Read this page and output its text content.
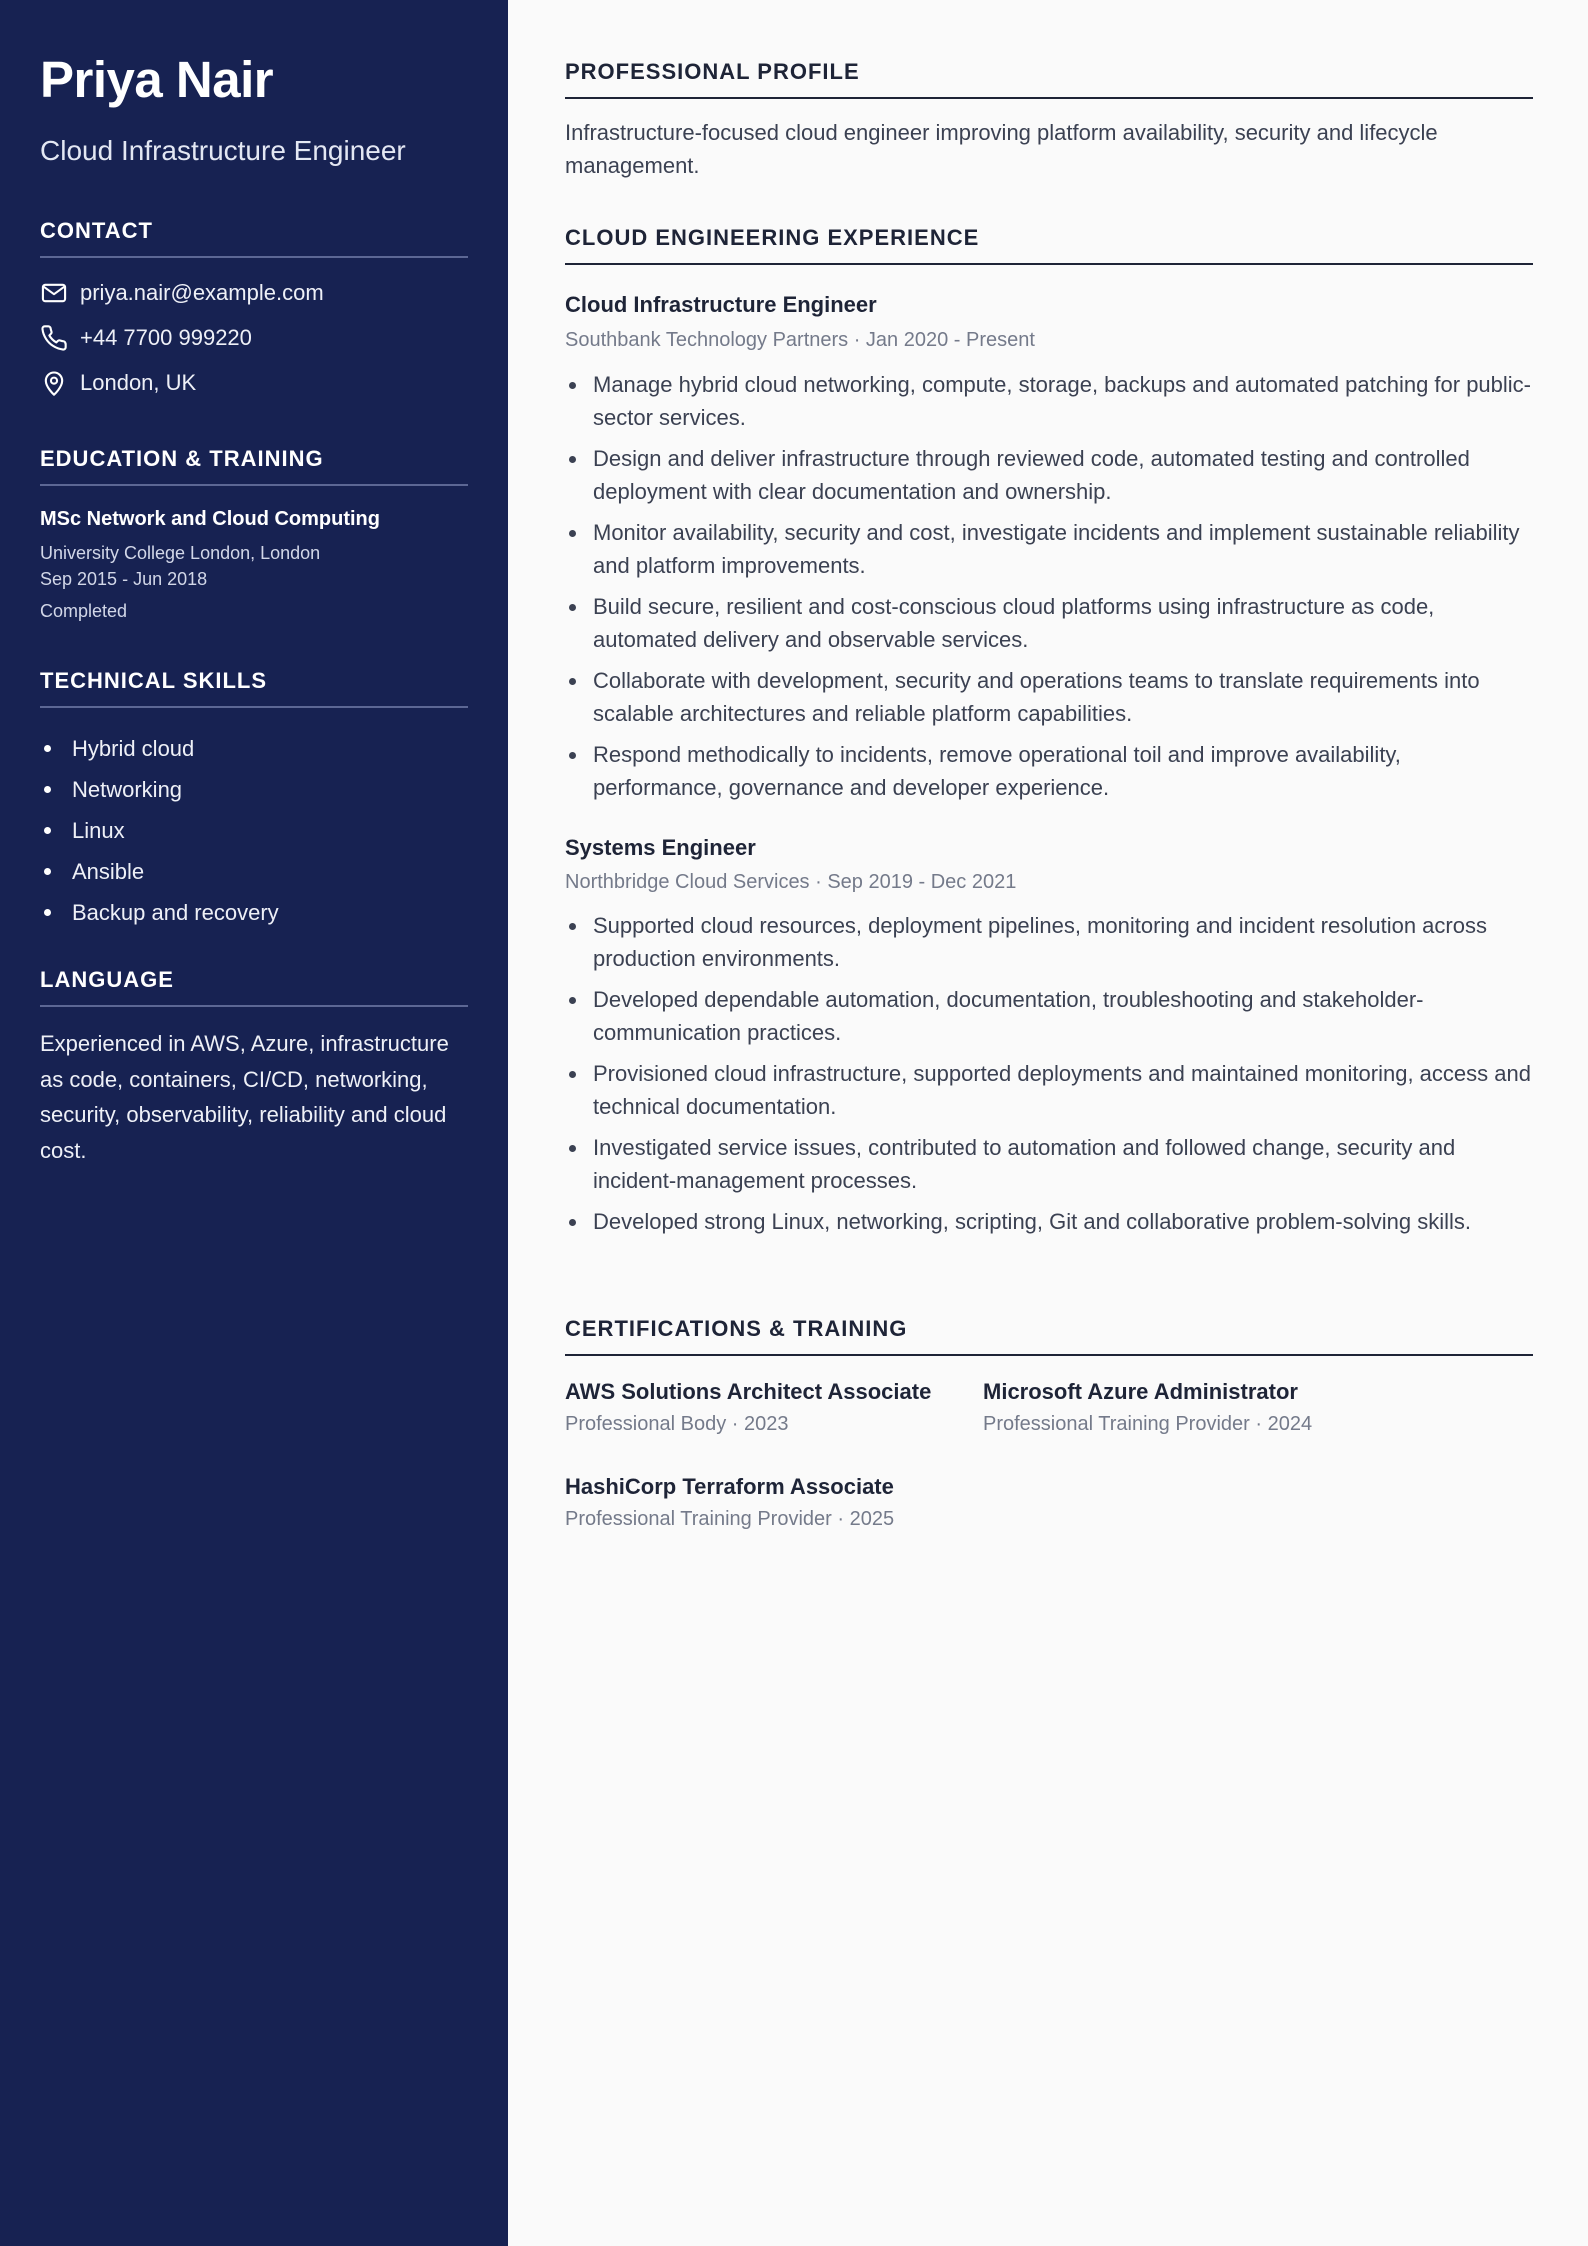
Priya Nair
Cloud Infrastructure Engineer
CONTACT
priya.nair@example.com
+44 7700 999220
London, UK
EDUCATION & TRAINING
MSc Network and Cloud Computing
University College London, London
Sep 2015 - Jun 2018
Completed
TECHNICAL SKILLS
Hybrid cloud
Networking
Linux
Ansible
Backup and recovery
LANGUAGE

Experienced in AWS, Azure, infrastructure as code, containers, CI/CD, networking, security, observability, reliability and cloud cost.

PROFESSIONAL PROFILE

Infrastructure-focused cloud engineer improving platform availability, security and lifecycle management.

CLOUD ENGINEERING EXPERIENCE
Cloud Infrastructure Engineer
Southbank Technology Partners · Jan 2020 - Present
Manage hybrid cloud networking, compute, storage, backups and automated patching for public-sector services.
Design and deliver infrastructure through reviewed code, automated testing and controlled deployment with clear documentation and ownership.
Monitor availability, security and cost, investigate incidents and implement sustainable reliability and platform improvements.
Build secure, resilient and cost-conscious cloud platforms using infrastructure as code, automated delivery and observable services.
Collaborate with development, security and operations teams to translate requirements into scalable architectures and reliable platform capabilities.
Respond methodically to incidents, remove operational toil and improve availability, performance, governance and developer experience.
Systems Engineer
Northbridge Cloud Services · Sep 2019 - Dec 2021
Supported cloud resources, deployment pipelines, monitoring and incident resolution across production environments.
Developed dependable automation, documentation, troubleshooting and stakeholder-communication practices.
Provisioned cloud infrastructure, supported deployments and maintained monitoring, access and technical documentation.
Investigated service issues, contributed to automation and followed change, security and incident-management processes.
Developed strong Linux, networking, scripting, Git and collaborative problem-solving skills.
CERTIFICATIONS & TRAINING
AWS Solutions Architect Associate
Professional Body · 2023
Microsoft Azure Administrator
Professional Training Provider · 2024
HashiCorp Terraform Associate
Professional Training Provider · 2025
